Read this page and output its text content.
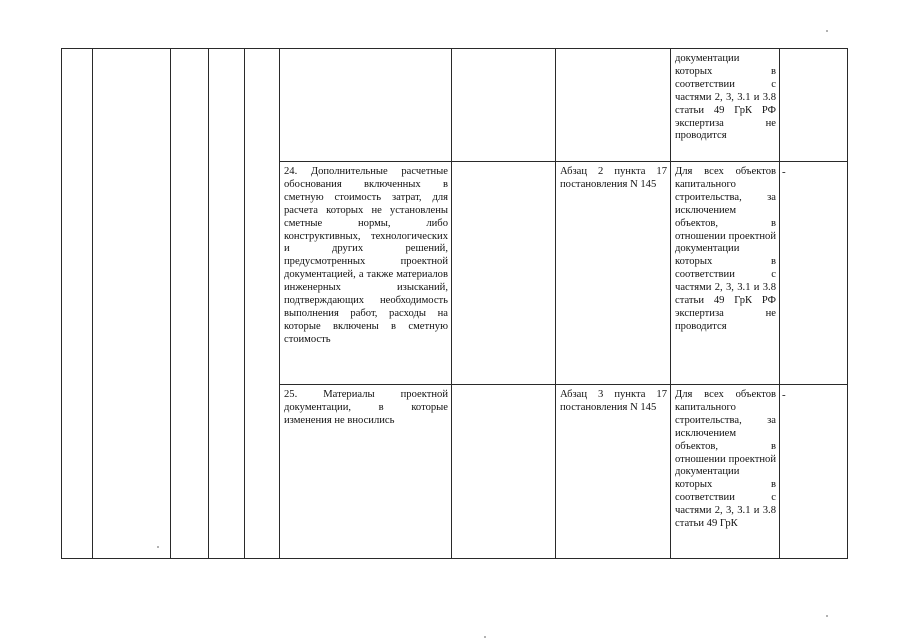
документации которых в соответствии с частями 2, 3, 3.1 и 3.8 статьи 49 ГрК РФ экспертиза не проводится
24. Дополнительные расчетные обоснования включенных в сметную стоимость затрат, для расчета которых не установлены сметные нормы, либо конструктивных, технологических и других решений, предусмотренных проектной документацией, а также материалов инженерных изысканий, подтверждающих необходимость выполнения работ, расходы на которые включены в сметную стоимость
Абзац 2 пункта 17 постановления N 145
Для всех объектов капитального строительства, за исключением объектов, в отношении проектной документации которых в соответствии с частями 2, 3, 3.1 и 3.8 статьи 49 ГрК РФ экспертиза не проводится
-
25. Материалы проектной документации, в которые изменения не вносились
Абзац 3 пункта 17 постановления N 145
Для всех объектов капитального строительства, за исключением объектов, в отношении проектной документации которых в соответствии с частями 2, 3, 3.1 и 3.8 статьи 49 ГрК
-
